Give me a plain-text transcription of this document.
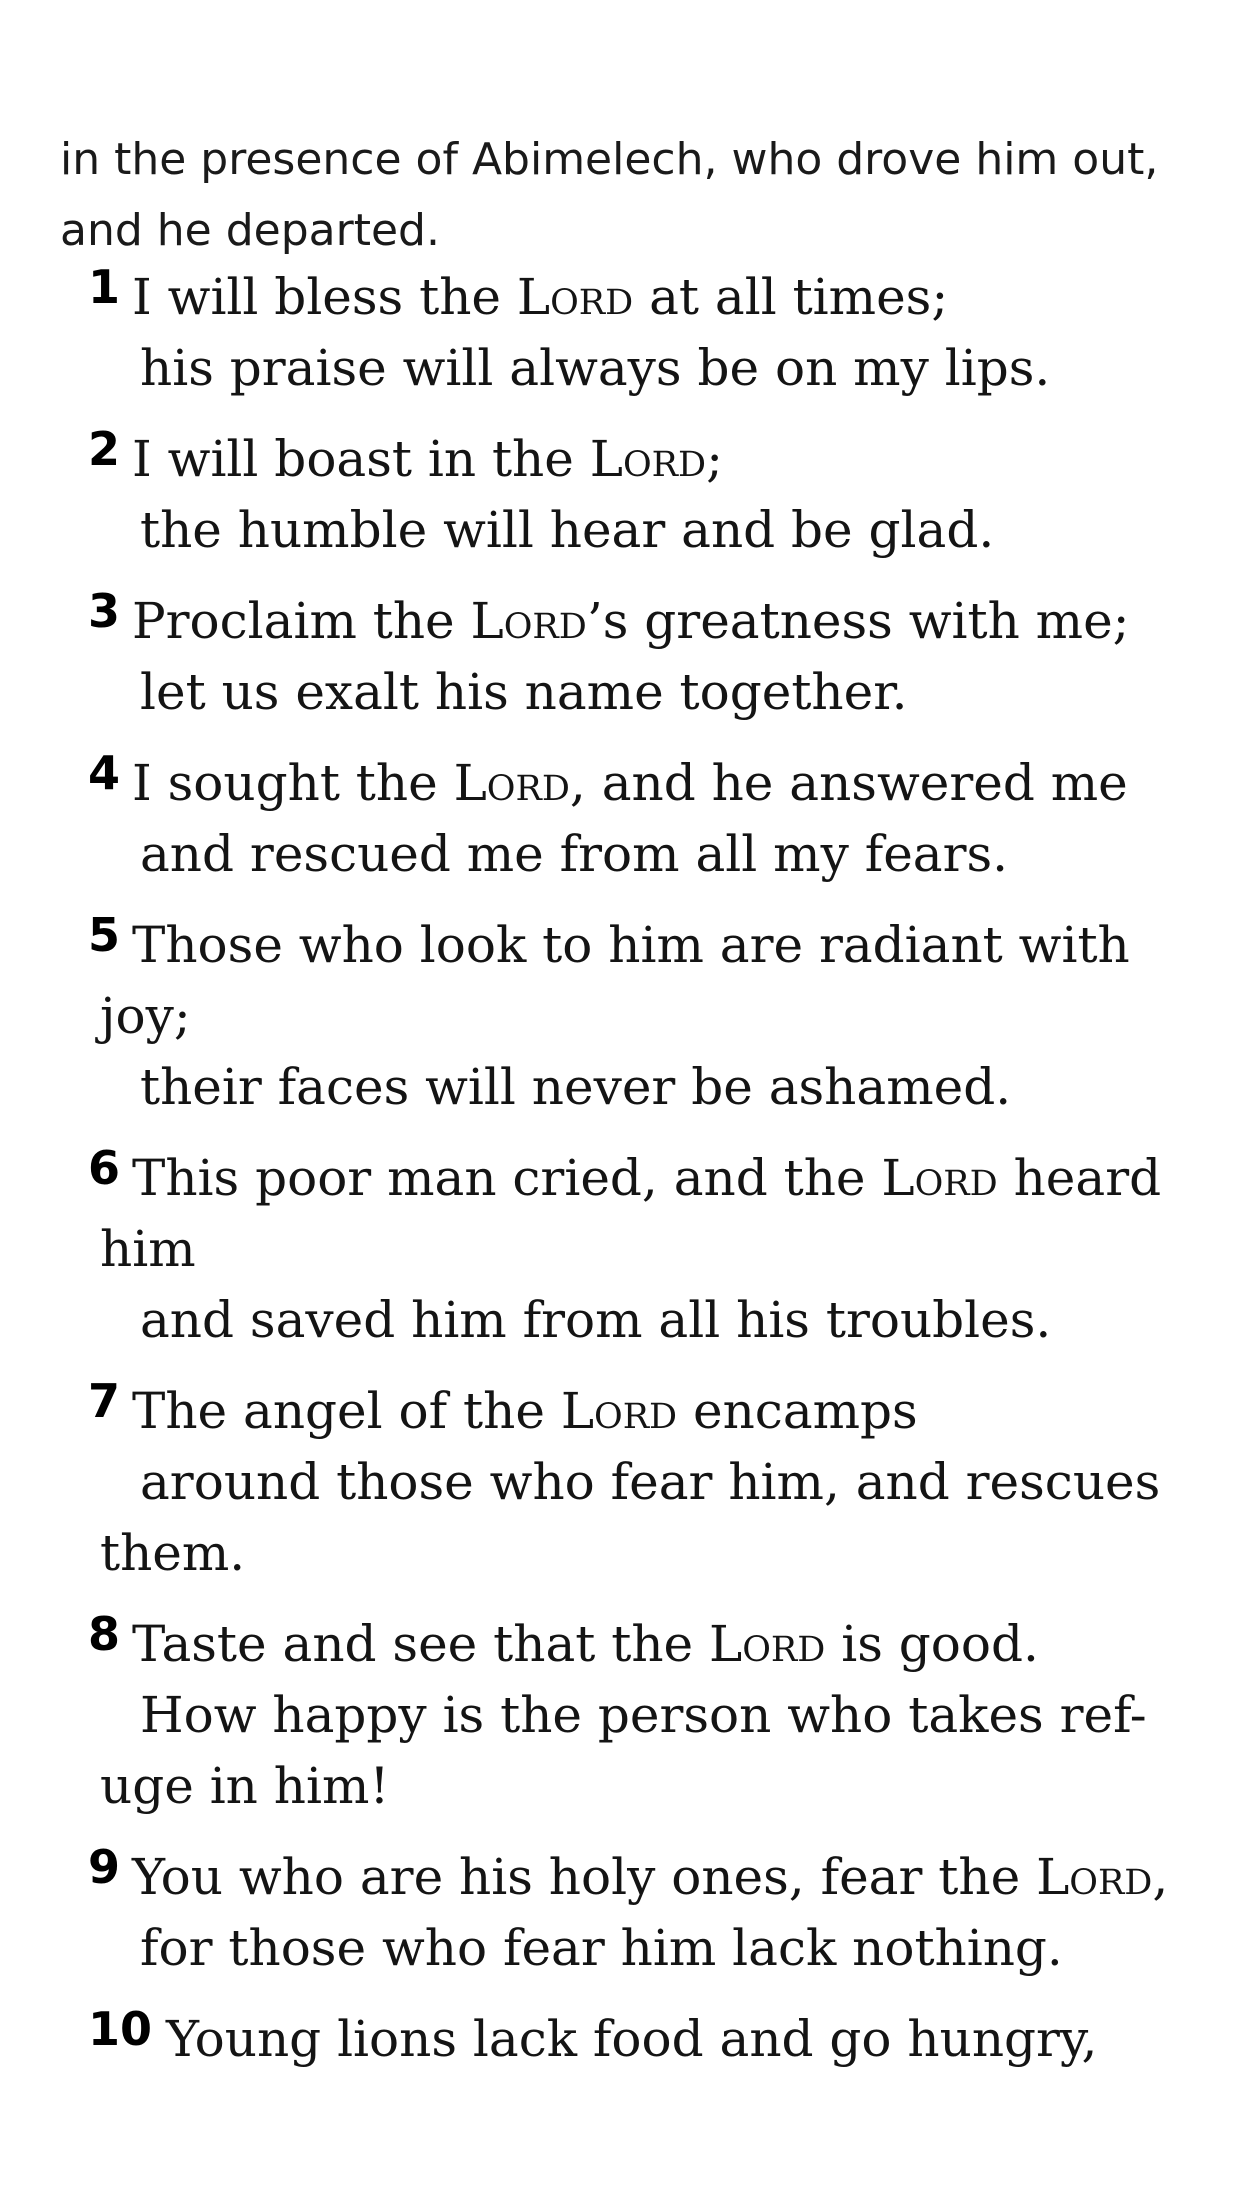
in the presence of Abimelech, who drove him out,
and he departed.
1 I will bless the Lord at all times;
his praise will always be on my lips.
2 I will boast in the Lord;
the humble will hear and be glad.
3 Proclaim the Lord’s greatness with me;
let us exalt his name together.
4 I sought the Lord, and he answered me
and rescued me from all my fears.
5 Those who look to him are radiant with
joy;
their faces will never be ashamed.
6 This poor man cried, and the Lord heard
him
and saved him from all his troubles.
7 The angel of the Lord encamps
around those who fear him, and rescues
them.
8 Taste and see that the Lord is good.
How happy is the person who takes ref-
uge in him!
9 You who are his holy ones, fear the Lord,
for those who fear him lack nothing.
10 Young lions lack food and go hungry,
